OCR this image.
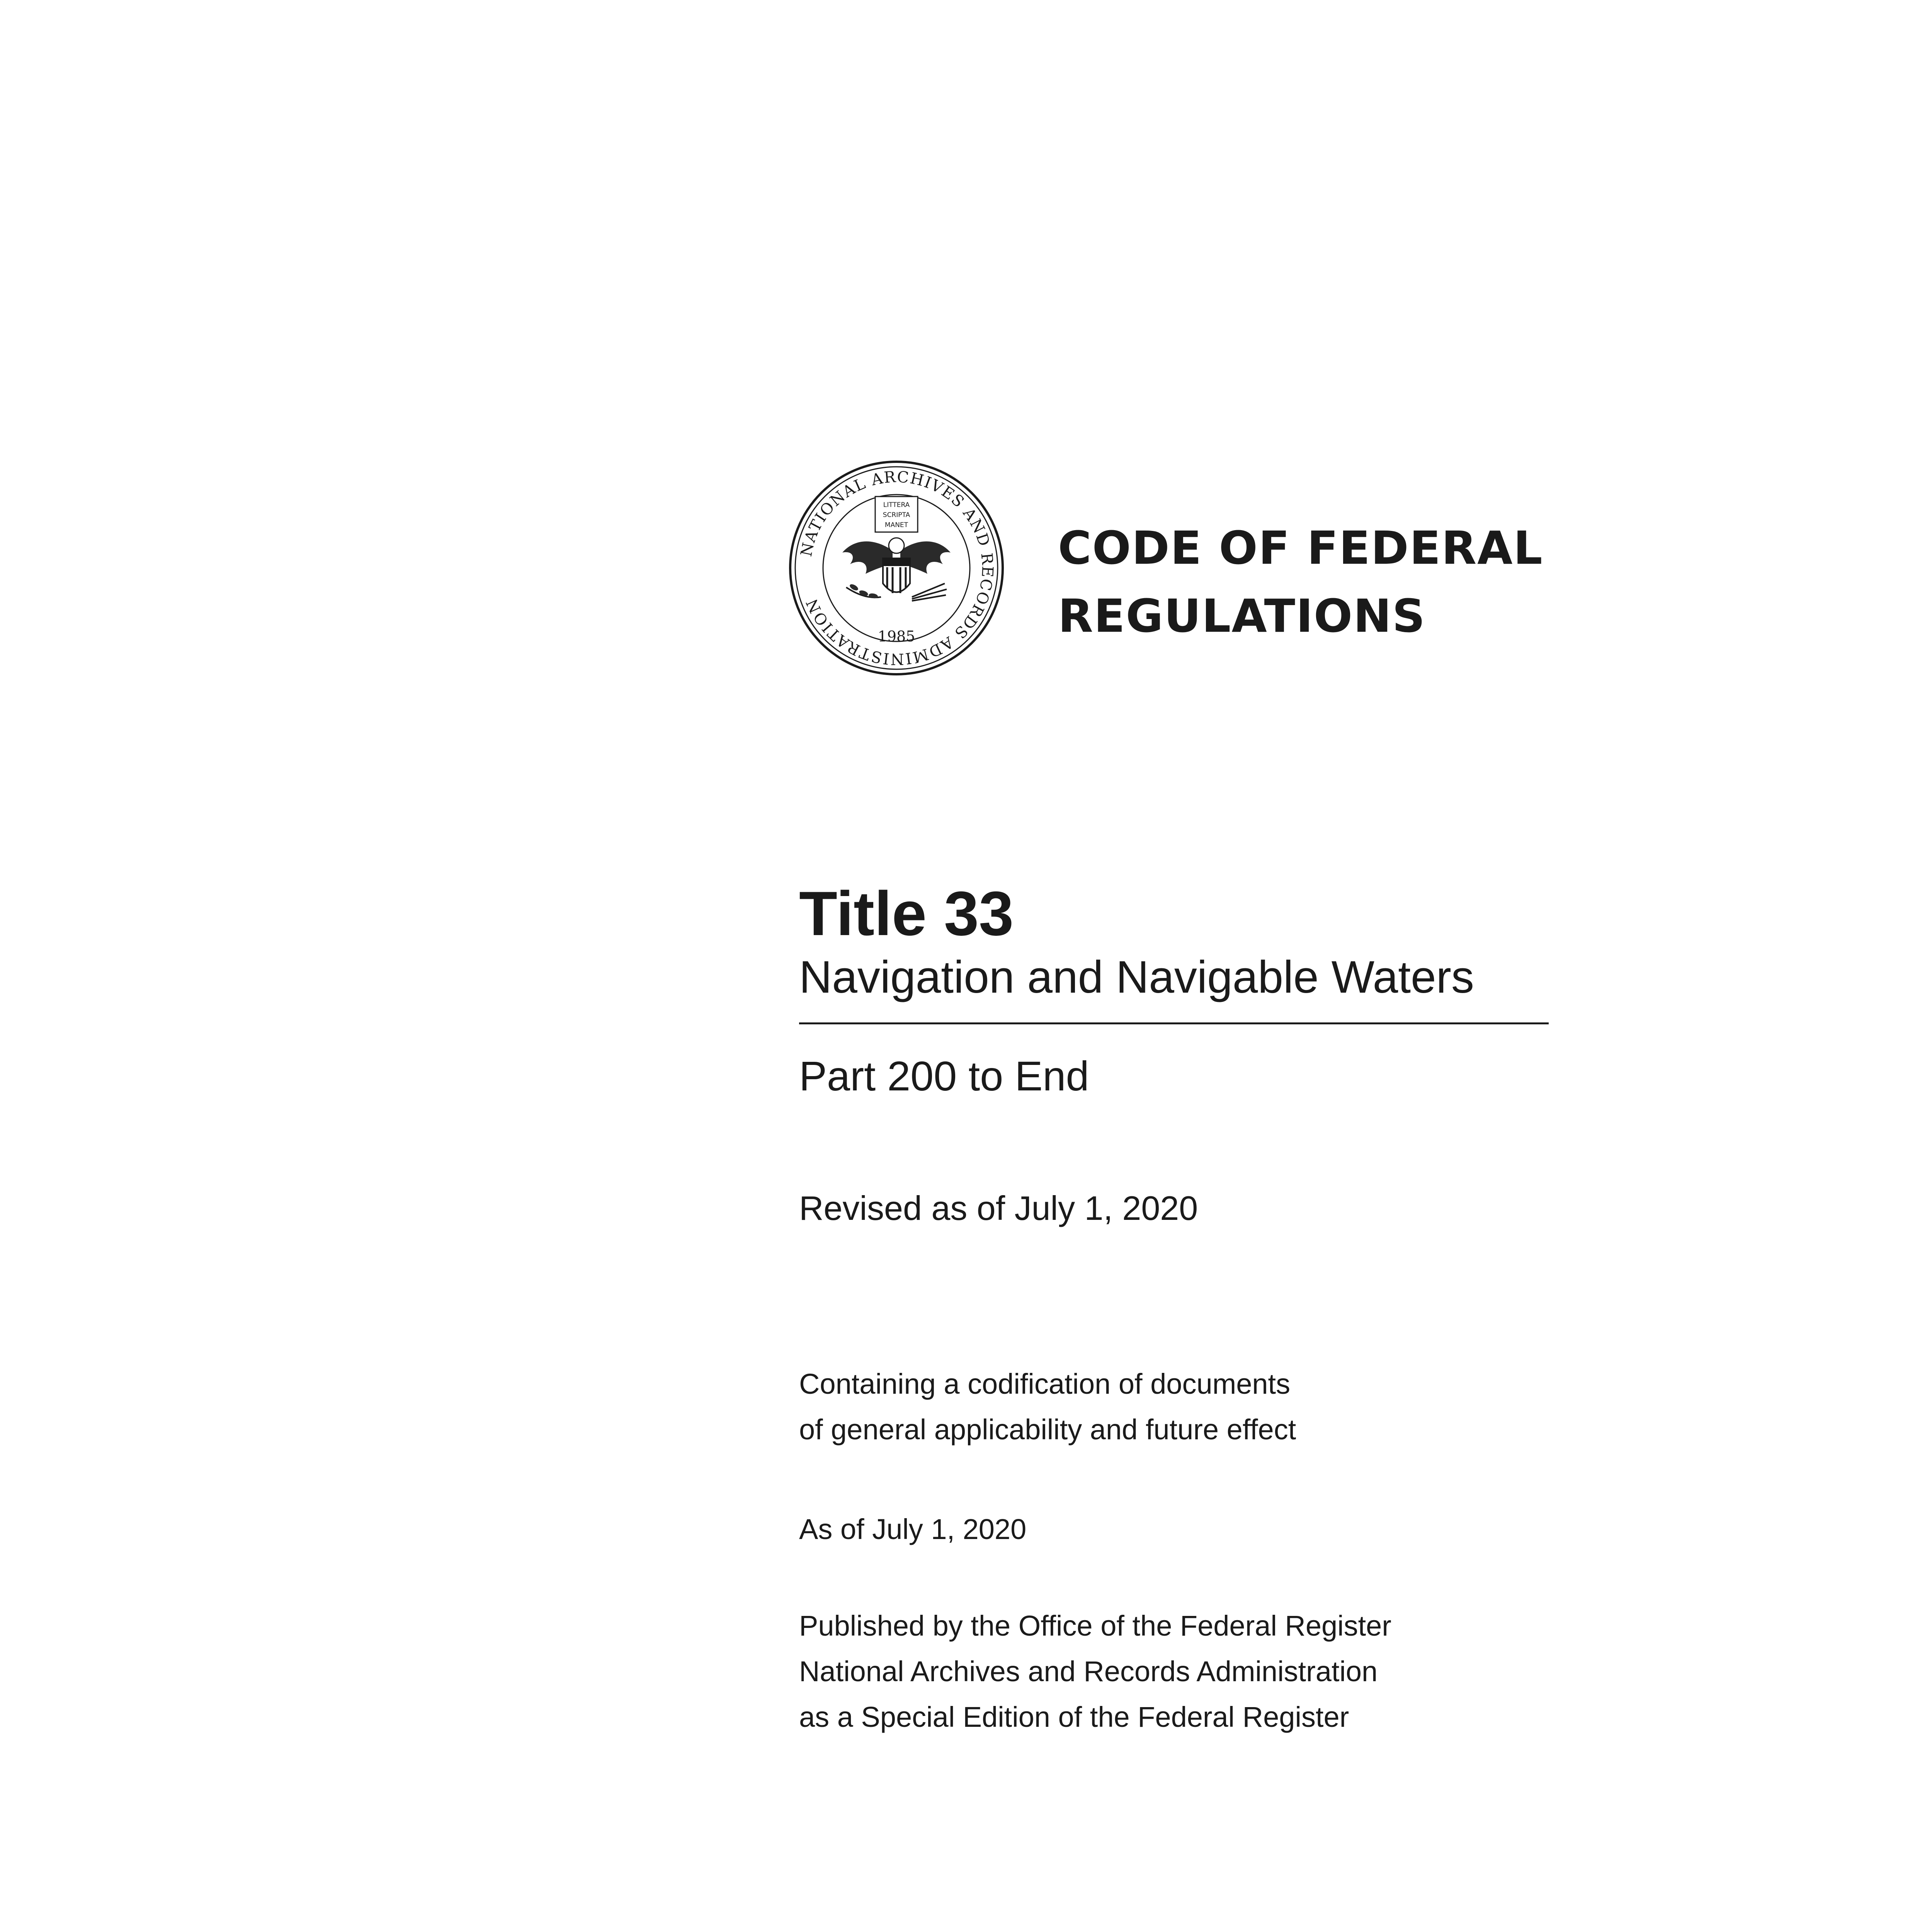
NATIONAL ARCHIVES AND RECORDS ADMINISTRATION
LITTERA
SCRIPTA
MANET
1985
CODE OF FEDERAL
REGULATIONS
Title 33
Navigation and Navigable Waters
Part 200 to End
Revised as of July 1, 2020
Containing a codification of documents
of general applicability and future effect
As of July 1, 2020
Published by the Office of the Federal Register
National Archives and Records Administration
as a Special Edition of the Federal Register
